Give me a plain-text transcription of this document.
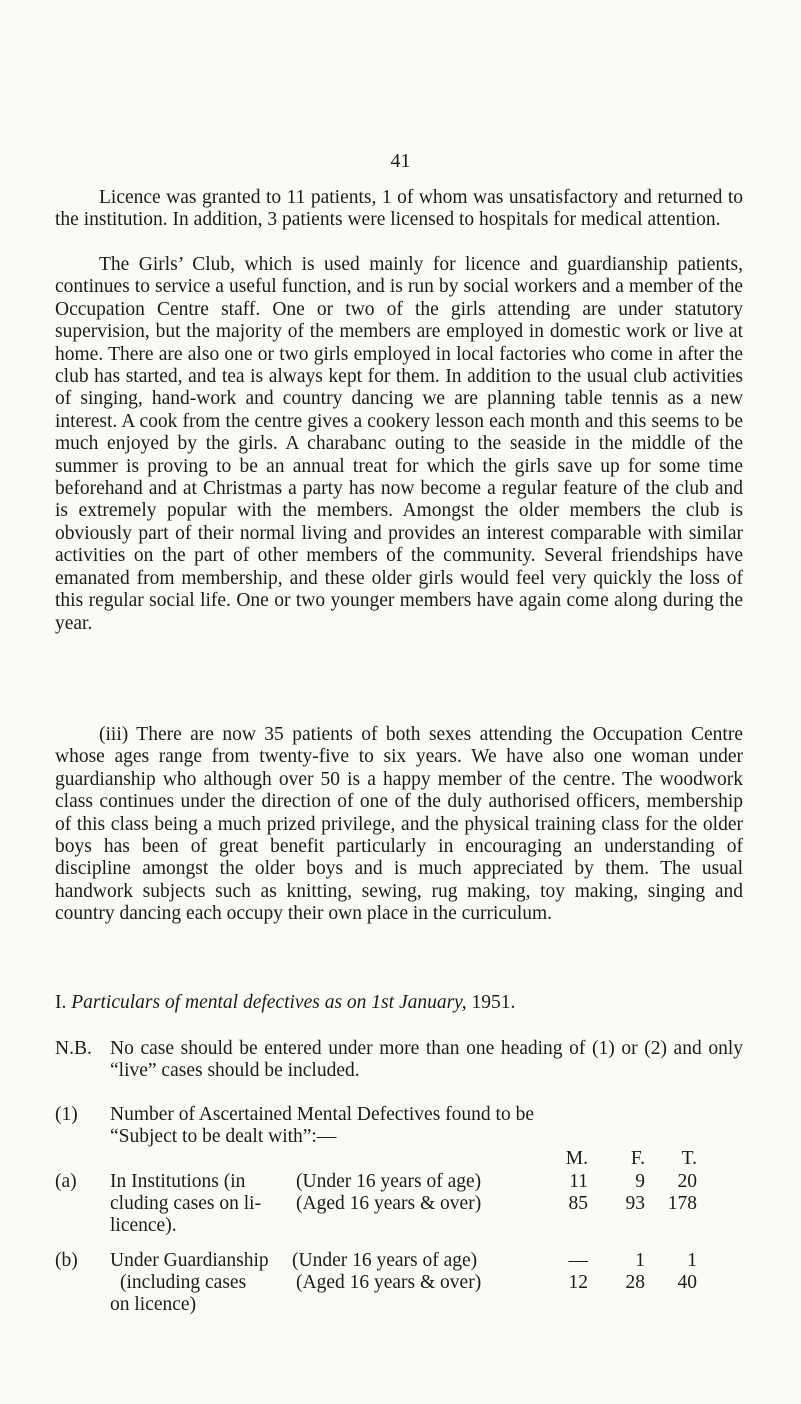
41

Licence was granted to 11 patients, 1 of whom was unsatisfactory and returned to the institution. In addition, 3 patients were licensed to hospitals for medical attention.

The Girls’ Club, which is used mainly for licence and guardianship patients, continues to service a useful function, and is run by social workers and a member of the Occupation Centre staff. One or two of the girls attending are under statutory supervision, but the majority of the members are employed in domestic work or live at home. There are also one or two girls employed in local factories who come in after the club has started, and tea is always kept for them. In addition to the usual club activities of singing, hand-work and country dancing we are planning table tennis as a new interest. A cook from the centre gives a cookery lesson each month and this seems to be much enjoyed by the girls. A charabanc outing to the seaside in the middle of the summer is proving to be an annual treat for which the girls save up for some time beforehand and at Christmas a party has now become a regular feature of the club and is extremely popular with the members. Amongst the older members the club is obviously part of their normal living and provides an interest comparable with similar activities on the part of other members of the community. Several friendships have emanated from membership, and these older girls would feel very quickly the loss of this regular social life. One or two younger members have again come along during the year.

(iii) There are now 35 patients of both sexes attending the Occupation Centre whose ages range from twenty-five to six years. We have also one woman under guardianship who although over 50 is a happy member of the centre. The woodwork class continues under the direction of one of the duly authorised officers, membership of this class being a much prized privilege, and the physical training class for the older boys has been of great benefit particularly in encouraging an understanding of discipline amongst the older boys and is much appreciated by them. The usual handwork subjects such as knitting, sewing, rug making, toy making, singing and country dancing each occupy their own place in the curriculum.

I. Particulars of mental defectives as on 1st January, 1951.

N.B. No case should be entered under more than one heading of (1) or (2) and only “live” cases should be included.

(1) Number of Ascertained Mental Defectives found to be
“Subject to be dealt with”:—
M.	F.	T.
(a) In Institutions (in
cluding cases on li-
licence).
(Under 16 years of age)	11	9	20
(Aged 16 years & over)	85	93	178
(b) Under Guardianship
(including cases
on licence)
(Under 16 years of age)	—	1	1
(Aged 16 years & over)	12	28	40
